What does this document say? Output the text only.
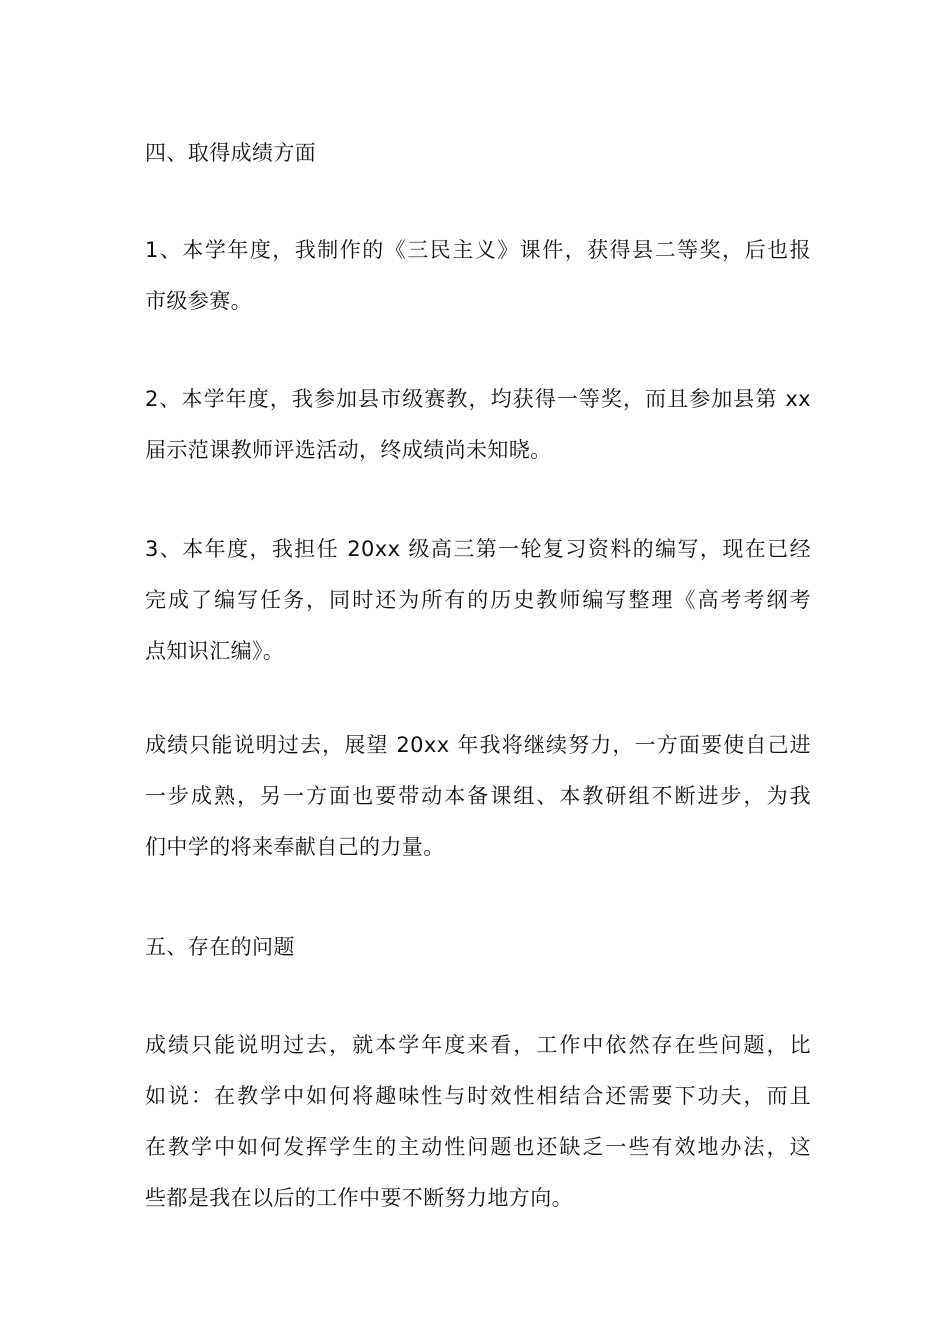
四、取得成绩方面

1、本学年度，我制作的《三民主义》课件，获得县二等奖，后也报
市级参赛。

2、本学年度，我参加县市级赛教，均获得一等奖，而且参加县第 xx
届示范课教师评选活动，终成绩尚未知晓。

3、本年度，我担任 20xx 级高三第一轮复习资料的编写，现在已经
完成了编写任务，同时还为所有的历史教师编写整理《高考考纲考
点知识汇编》。

成绩只能说明过去，展望 20xx 年我将继续努力，一方面要使自己进
一步成熟，另一方面也要带动本备课组、本教研组不断进步，为我
们中学的将来奉献自己的力量。

五、存在的问题

成绩只能说明过去，就本学年度来看，工作中依然存在些问题，比
如说：在教学中如何将趣味性与时效性相结合还需要下功夫，而且
在教学中如何发挥学生的主动性问题也还缺乏一些有效地办法，这
些都是我在以后的工作中要不断努力地方向。
